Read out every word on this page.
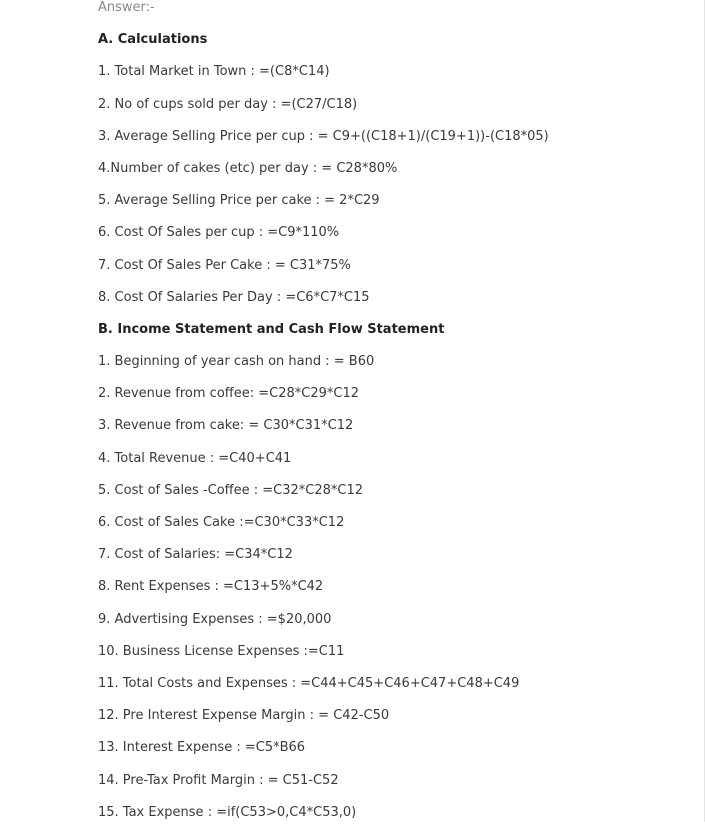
Answer:-
A. Calculations
1. Total Market in Town : =(C8*C14)
2. No of cups sold per day : =(C27/C18)
3. Average Selling Price per cup : = C9+((C18+1)/(C19+1))-(C18*05)
4.Number of cakes (etc) per day : = C28*80%
5. Average Selling Price per cake : = 2*C29
6. Cost Of Sales per cup : =C9*110%
7. Cost Of Sales Per Cake : = C31*75%
8. Cost Of Salaries Per Day : =C6*C7*C15
B. Income Statement and Cash Flow Statement
1. Beginning of year cash on hand : = B60
2. Revenue from coffee: =C28*C29*C12
3. Revenue from cake: = C30*C31*C12
4. Total Revenue : =C40+C41
5. Cost of Sales -Coffee : =C32*C28*C12
6. Cost of Sales Cake :=C30*C33*C12
7. Cost of Salaries: =C34*C12
8. Rent Expenses : =C13+5%*C42
9. Advertising Expenses : =$20,000
10. Business License Expenses :=C11
11. Total Costs and Expenses : =C44+C45+C46+C47+C48+C49
12. Pre Interest Expense Margin : = C42-C50
13. Interest Expense : =C5*B66
14. Pre-Tax Profit Margin : = C51-C52
15. Tax Expense : =if(C53>0,C4*C53,0)
